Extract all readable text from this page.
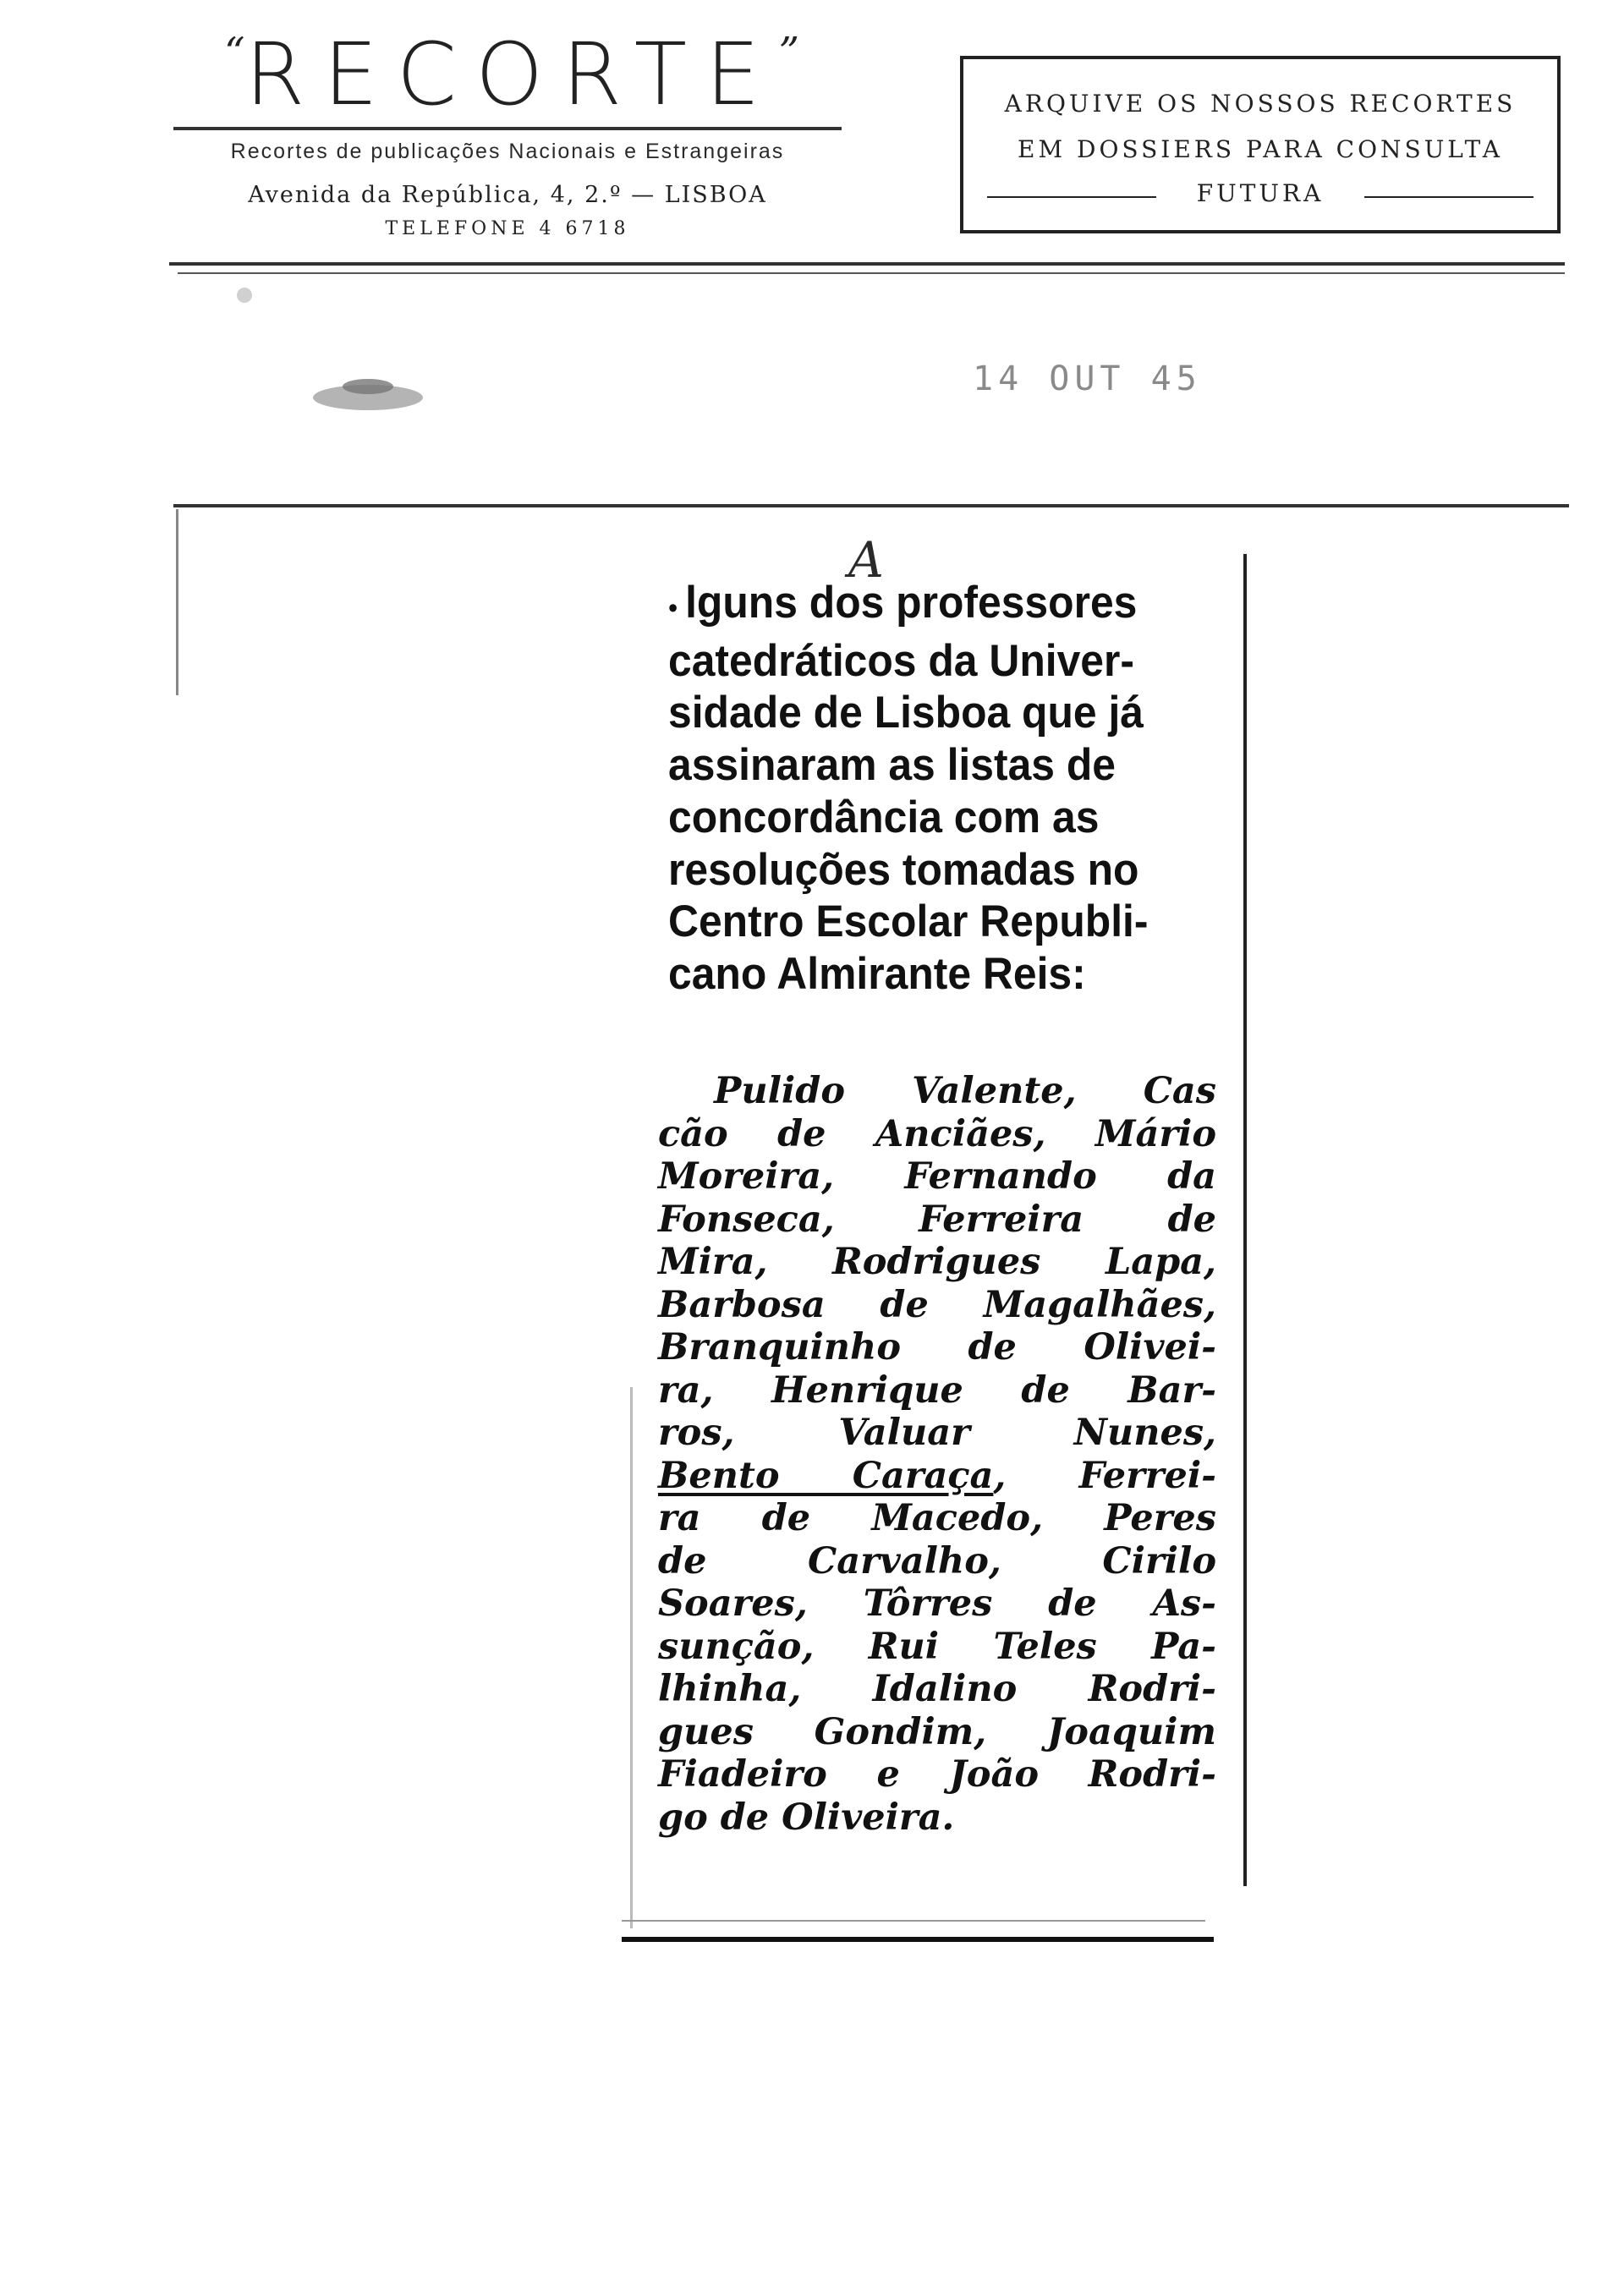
“RECORTE”
Recortes de publicações Nacionais e Estrangeiras
Avenida da República, 4, 2.º — LISBOA
TELEFONE 4 6718
ARQUIVE OS NOSSOS RECORTES
EM DOSSIERS PARA CONSULTA
FUTURA
14 OUT 45
A
• lguns dos professores
catedráticos da Univer-
sidade de Lisboa que já
assinaram as listas de
concordância com as
resoluções tomadas no
Centro Escolar Republi-
cano Almirante Reis:
Pulido Valente, Cas
cão de Anciães, Mário
Moreira, Fernando da
Fonseca, Ferreira de
Mira, Rodrigues Lapa,
Barbosa de Magalhães,
Branquinho de Olivei-
ra, Henrique de Bar-
ros, Valuar Nunes,
Bento Caraça, Ferrei-
ra de Macedo, Peres
de Carvalho, Cirilo
Soares, Tôrres de As-
sunção, Rui Teles Pa-
lhinha, Idalino Rodri-
gues Gondim, Joaquim
Fiadeiro e João Rodri-
go de Oliveira.
